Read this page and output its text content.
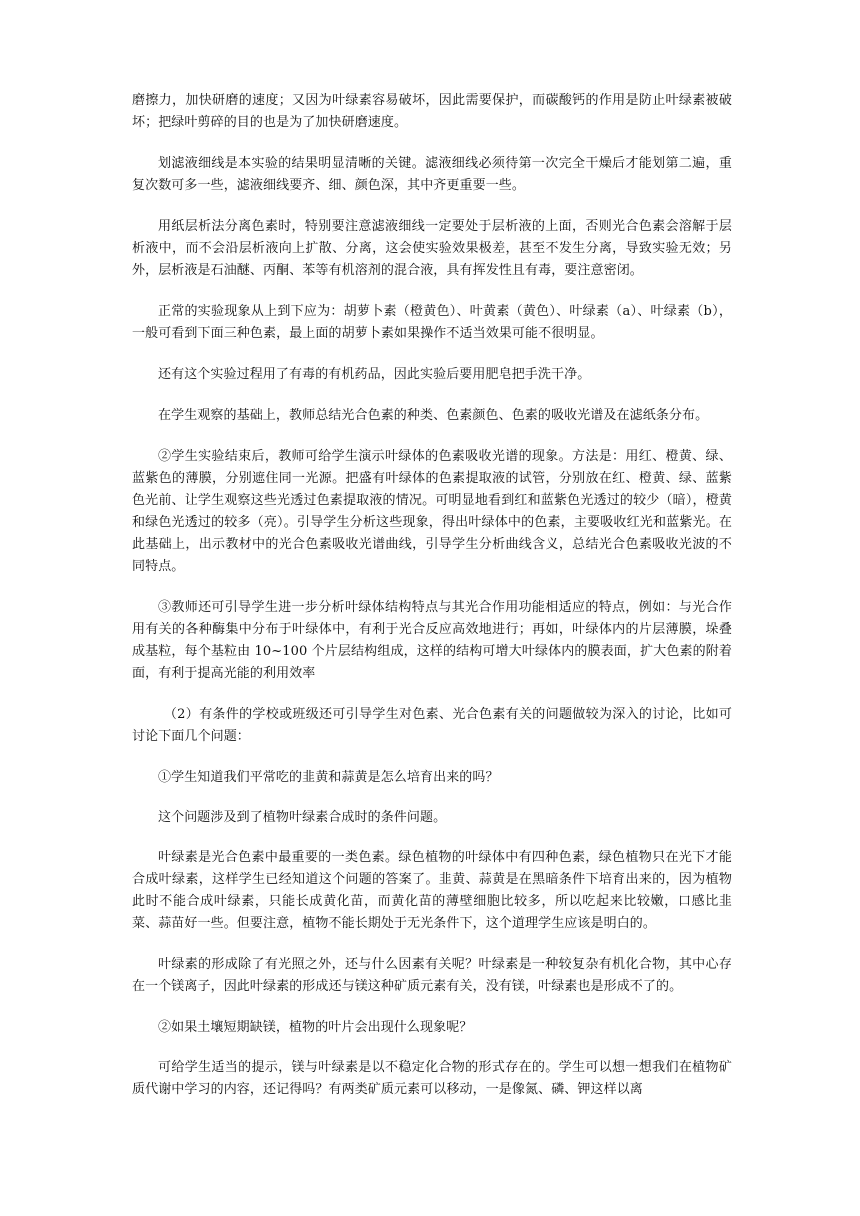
磨擦力，加快研磨的速度；又因为叶绿素容易破坏，因此需要保护，而碳酸钙的作用是防止叶绿素被破坏；把绿叶剪碎的目的也是为了加快研磨速度。

划滤液细线是本实验的结果明显清晰的关键。滤液细线必须待第一次完全干燥后才能划第二遍，重复次数可多一些，滤液细线要齐、细、颜色深，其中齐更重要一些。

用纸层析法分离色素时，特别要注意滤液细线一定要处于层析液的上面，否则光合色素会溶解于层析液中，而不会沿层析液向上扩散、分离，这会使实验效果极差，甚至不发生分离，导致实验无效；另外，层析液是石油醚、丙酮、苯等有机溶剂的混合液，具有挥发性且有毒，要注意密闭。

正常的实验现象从上到下应为：胡萝卜素（橙黄色）、叶黄素（黄色）、叶绿素（a）、叶绿素（b），一般可看到下面三种色素，最上面的胡萝卜素如果操作不适当效果可能不很明显。

还有这个实验过程用了有毒的有机药品，因此实验后要用肥皂把手洗干净。

在学生观察的基础上，教师总结光合色素的种类、色素颜色、色素的吸收光谱及在滤纸条分布。

②学生实验结束后，教师可给学生演示叶绿体的色素吸收光谱的现象。方法是：用红、橙黄、绿、蓝紫色的薄膜，分别遮住同一光源。把盛有叶绿体的色素提取液的试管，分别放在红、橙黄、绿、蓝紫色光前、让学生观察这些光透过色素提取液的情况。可明显地看到红和蓝紫色光透过的较少（暗），橙黄和绿色光透过的较多（亮）。引导学生分析这些现象，得出叶绿体中的色素，主要吸收红光和蓝紫光。在此基础上，出示教材中的光合色素吸收光谱曲线，引导学生分析曲线含义，总结光合色素吸收光波的不同特点。

③教师还可引导学生进一步分析叶绿体结构特点与其光合作用功能相适应的特点，例如：与光合作用有关的各种酶集中分布于叶绿体中，有利于光合反应高效地进行；再如，叶绿体内的片层薄膜，垛叠成基粒，每个基粒由 10~100 个片层结构组成，这样的结构可增大叶绿体内的膜表面，扩大色素的附着面，有利于提高光能的利用效率

（2）有条件的学校或班级还可引导学生对色素、光合色素有关的问题做较为深入的讨论，比如可讨论下面几个问题：

①学生知道我们平常吃的韭黄和蒜黄是怎么培育出来的吗？

这个问题涉及到了植物叶绿素合成时的条件问题。

叶绿素是光合色素中最重要的一类色素。绿色植物的叶绿体中有四种色素，绿色植物只在光下才能合成叶绿素，这样学生已经知道这个问题的答案了。韭黄、蒜黄是在黑暗条件下培育出来的，因为植物此时不能合成叶绿素，只能长成黄化苗，而黄化苗的薄壁细胞比较多，所以吃起来比较嫩，口感比韭菜、蒜苗好一些。但要注意，植物不能长期处于无光条件下，这个道理学生应该是明白的。

叶绿素的形成除了有光照之外，还与什么因素有关呢？叶绿素是一种较复杂有机化合物，其中心存在一个镁离子，因此叶绿素的形成还与镁这种矿质元素有关，没有镁，叶绿素也是形成不了的。

②如果土壤短期缺镁，植物的叶片会出现什么现象呢？

可给学生适当的提示，镁与叶绿素是以不稳定化合物的形式存在的。学生可以想一想我们在植物矿质代谢中学习的内容，还记得吗？有两类矿质元素可以移动，一是像氮、磷、钾这样以离
